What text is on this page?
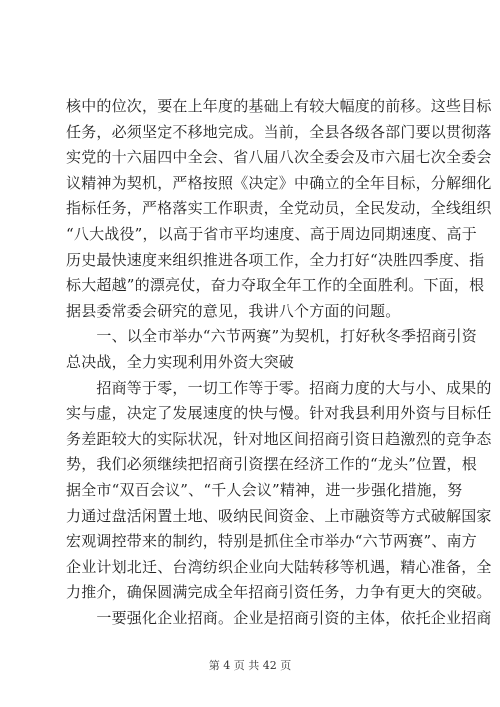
核中的位次，要在上年度的基础上有较大幅度的前移。这些目标
任务，必须坚定不移地完成。当前，全县各级各部门要以贯彻落
实党的十六届四中全会、省八届八次全委会及市六届七次全委会
议精神为契机，严格按照《决定》中确立的全年目标，分解细化
指标任务，严格落实工作职责，全党动员，全民发动，全线组织
“八大战役”，以高于省市平均速度、高于周边同期速度、高于
历史最快速度来组织推进各项工作，全力打好“决胜四季度、指
标大超越”的漂亮仗，奋力夺取全年工作的全面胜利。下面，根
据县委常委会研究的意见，我讲八个方面的问题。
　　一、以全市举办“六节两赛”为契机，打好秋冬季招商引资
总决战，全力实现利用外资大突破
　　招商等于零，一切工作等于零。招商力度的大与小、成果的
实与虚，决定了发展速度的快与慢。针对我县利用外资与目标任
务差距较大的实际状况，针对地区间招商引资日趋激烈的竞争态
势，我们必须继续把招商引资摆在经济工作的“龙头”位置，根
据全市“双百会议”、“千人会议”精神，进一步强化措施，努
力通过盘活闲置土地、吸纳民间资金、上市融资等方式破解国家
宏观调控带来的制约，特别是抓住全市举办“六节两赛”、南方
企业计划北迁、台湾纺织企业向大陆转移等机遇，精心准备，全
力推介，确保圆满完成全年招商引资任务，力争有更大的突破。
　　一要强化企业招商。企业是招商引资的主体，依托企业招商
第 4 页 共 42 页
